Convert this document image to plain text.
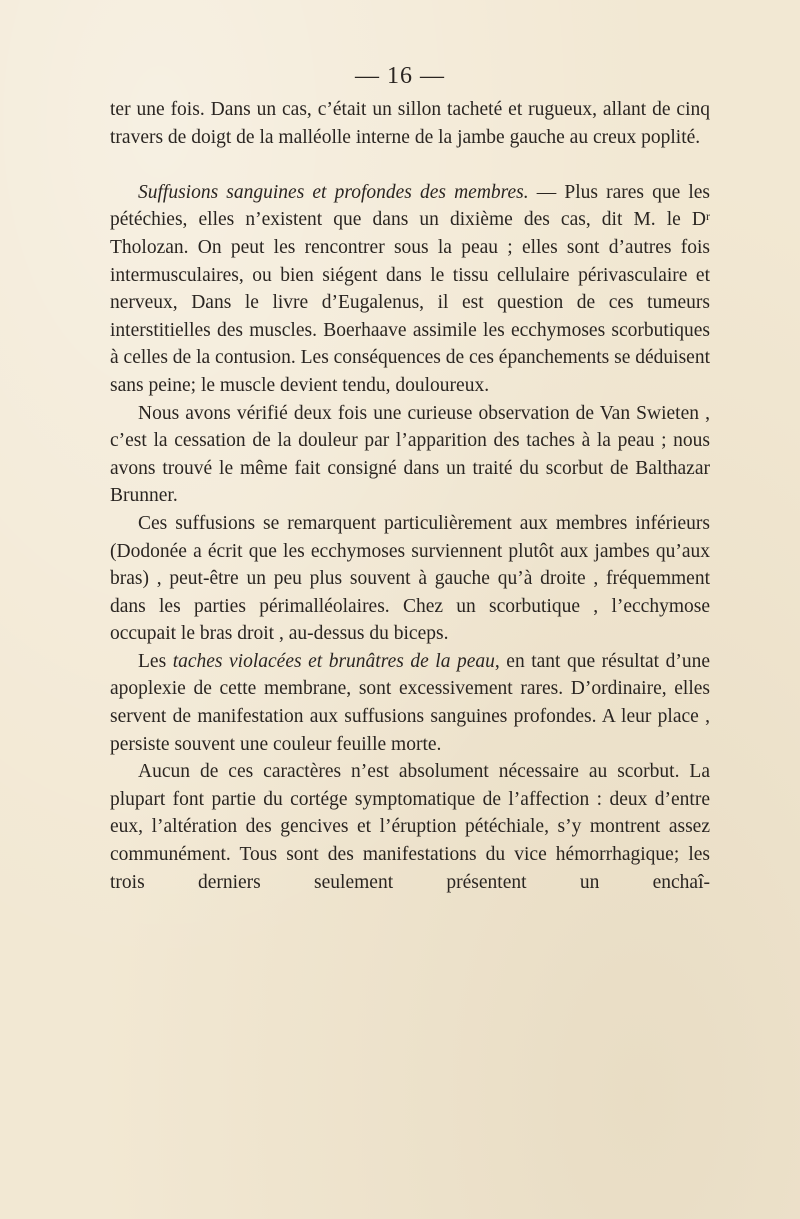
— 16 —

ter une fois. Dans un cas, c’était un sillon tacheté et rugueux, allant de cinq travers de doigt de la malléolle interne de la jambe gauche au creux poplité.

Suffusions sanguines et profondes des membres. — Plus rares que les pétéchies, elles n’existent que dans un dixième des cas, dit M. le $D^r$ Tholozan. On peut les rencontrer sous la peau ; elles sont d’autres fois intermusculaires, ou bien siégent dans le tissu cellulaire périvasculaire et nerveux, Dans le livre d’Eugalenus, il est question de ces tumeurs interstitielles des muscles. Boerhaave assimile les ecchymoses scorbutiques à celles de la contusion. Les conséquences de ces épanchements se déduisent sans peine; le muscle devient tendu, douloureux.

Nous avons vérifié deux fois une curieuse observation de Van Swieten , c’est la cessation de la douleur par l’apparition des taches à la peau ; nous avons trouvé le même fait consigné dans un traité du scorbut de Balthazar Brunner.

Ces suffusions se remarquent particulièrement aux membres inférieurs (Dodonée a écrit que les ecchymoses surviennent plutôt aux jambes qu’aux bras) , peut-être un peu plus souvent à gauche qu’à droite , fréquemment dans les parties périmalléolaires. Chez un scorbutique , l’ecchymose occupait le bras droit , au-dessus du biceps.

Les taches violacées et brunâtres de la peau, en tant que résultat d’une apoplexie de cette membrane, sont excessivement rares. D’ordinaire, elles servent de manifestation aux suffusions sanguines profondes. A leur place , persiste souvent une couleur feuille morte.

Aucun de ces caractères n’est absolument nécessaire au scorbut. La plupart font partie du cortége symptomatique de l’affection : deux d’entre eux, l’altération des gencives et l’éruption pétéchiale, s’y montrent assez communément. Tous sont des manifestations du vice hémorrhagique; les trois derniers seulement présentent un enchaî-
